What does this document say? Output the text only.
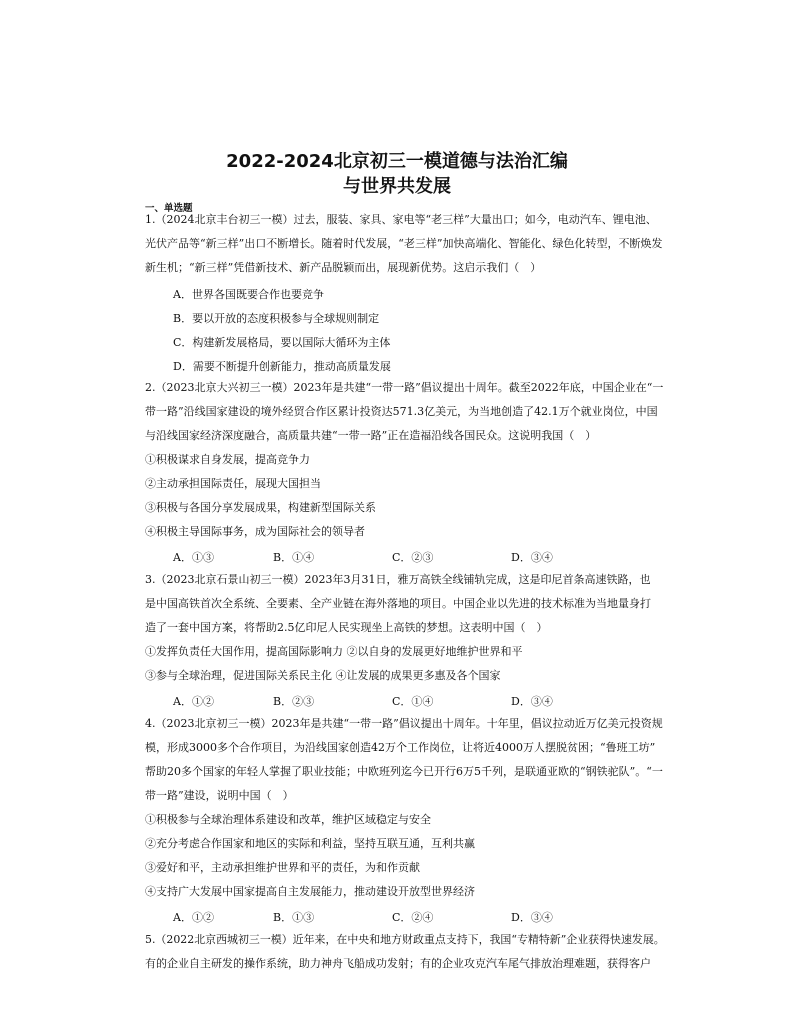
2022-2024北京初三一模道德与法治汇编
与世界共发展
一、单选题
1.（2024北京丰台初三一模）过去，服装、家具、家电等“老三样”大量出口；如今，电动汽车、锂电池、
光伏产品等“新三样”出口不断增长。随着时代发展，“老三样”加快高端化、智能化、绿色化转型，不断焕发
新生机；“新三样”凭借新技术、新产品脱颖而出，展现新优势。这启示我们（　）
A．世界各国既要合作也要竞争
B．要以开放的态度积极参与全球规则制定
C．构建新发展格局，要以国际大循环为主体
D．需要不断提升创新能力，推动高质量发展
2.（2023北京大兴初三一模）2023年是共建“一带一路”倡议提出十周年。截至2022年底，中国企业在“一
带一路”沿线国家建设的境外经贸合作区累计投资达571.3亿美元，为当地创造了42.1万个就业岗位，中国
与沿线国家经济深度融合，高质量共建“一带一路”正在造福沿线各国民众。这说明我国（　）
①积极谋求自身发展，提高竞争力
②主动承担国际责任，展现大国担当
③积极与各国分享发展成果，构建新型国际关系
④积极主导国际事务，成为国际社会的领导者
A．①③	B．①④	C．②③	D．③④
3.（2023北京石景山初三一模）2023年3月31日，雅万高铁全线铺轨完成，这是印尼首条高速铁路，也
是中国高铁首次全系统、全要素、全产业链在海外落地的项目。中国企业以先进的技术标准为当地量身打
造了一套中国方案，将帮助2.5亿印尼人民实现坐上高铁的梦想。这表明中国（　）
①发挥负责任大国作用，提高国际影响力 ②以自身的发展更好地维护世界和平
③参与全球治理，促进国际关系民主化 ④让发展的成果更多惠及各个国家
A．①②	B．②③	C．①④	D．③④
4.（2023北京初三一模）2023年是共建“一带一路”倡议提出十周年。十年里，倡议拉动近万亿美元投资规
模，形成3000多个合作项目，为沿线国家创造42万个工作岗位，让将近4000万人摆脱贫困；“鲁班工坊”
帮助20多个国家的年轻人掌握了职业技能；中欧班列迄今已开行6万5千列，是联通亚欧的“钢铁驼队”。“一
带一路”建设，说明中国（　）
①积极参与全球治理体系建设和改革，维护区域稳定与安全
②充分考虑合作国家和地区的实际和利益，坚持互联互通，互利共赢
③爱好和平，主动承担维护世界和平的责任，为和作贡献
④支持广大发展中国家提高自主发展能力，推动建设开放型世界经济
A．①②	B．①③	C．②④	D．③④
5.（2022北京西城初三一模）近年来，在中央和地方财政重点支持下，我国“专精特新”企业获得快速发展。
有的企业自主研发的操作系统，助力神舟飞船成功发射；有的企业攻克汽车尾气排放治理难题，获得客户
